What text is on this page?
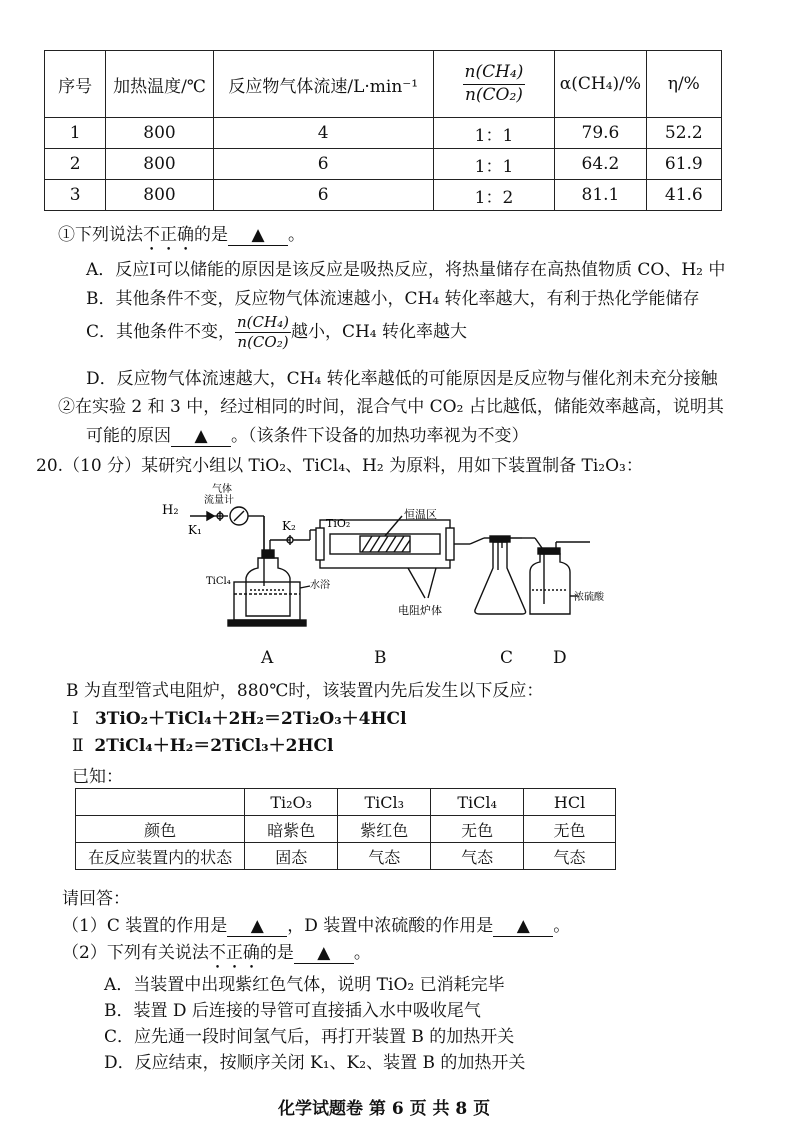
序号	加热温度/℃	反应物气体流速/L·min⁻¹	$\frac{\text{n(CH₄)}}{\text{n(CO₂)}}$	α(CH₄)/%	η/%
1	800	4	1：1	79.6	52.2
2	800	6	1：1	64.2	61.9
3	800	6	1：2	81.1	41.6
①下列说法不正确的是 ▲ 。
A．反应Ⅰ可以储能的原因是该反应是吸热反应，将热量储存在高热值物质 CO、H₂ 中
B．其他条件不变，反应物气体流速越小，CH₄ 转化率越大，有利于热化学能储存
C．其他条件不变， $\frac{\text{n(CH₄)}}{\text{n(CO₂)}}$ 越小，CH₄ 转化率越大
D．反应物气体流速越大，CH₄ 转化率越低的可能原因是反应物与催化剂未充分接触
②在实验 2 和 3 中，经过相同的时间，混合气中 CO₂ 占比越低，储能效率越高，说明其
可能的原因 ▲ 。（该条件下设备的加热功率视为不变）
20.（10 分）某研究小组以 TiO₂、TiCl₄、H₂ 为原料，用如下装置制备 Ti₂O₃：
H₂
气体
流量计
K₁	K₂	TiO₂
恒温区
TiCl₄	水浴
电阻炉体
浓硫酸
A	B	C D
B 为直型管式电阻炉，880℃时，该装置内先后发生以下反应：
Ⅰ 3TiO₂＋TiCl₄＋2H₂＝2Ti₂O₃＋4HCl
Ⅱ 2TiCl₄＋H₂＝2TiCl₃＋2HCl
已知：
	Ti₂O₃	TiCl₃	TiCl₄	HCl
颜色	暗紫色	紫红色	无色	无色
在反应装置内的状态	固态	气态	气态	气态
请回答：
（1）C 装置的作用是 ▲ ，D 装置中浓硫酸的作用是 ▲ 。
（2）下列有关说法不正确的是 ▲ 。
A．当装置中出现紫红色气体，说明 TiO₂ 已消耗完毕
B．装置 D 后连接的导管可直接插入水中吸收尾气
C．应先通一段时间氢气后，再打开装置 B 的加热开关
D．反应结束，按顺序关闭 K₁、K₂、装置 B 的加热开关
化学试题卷 第 6 页 共 8 页
